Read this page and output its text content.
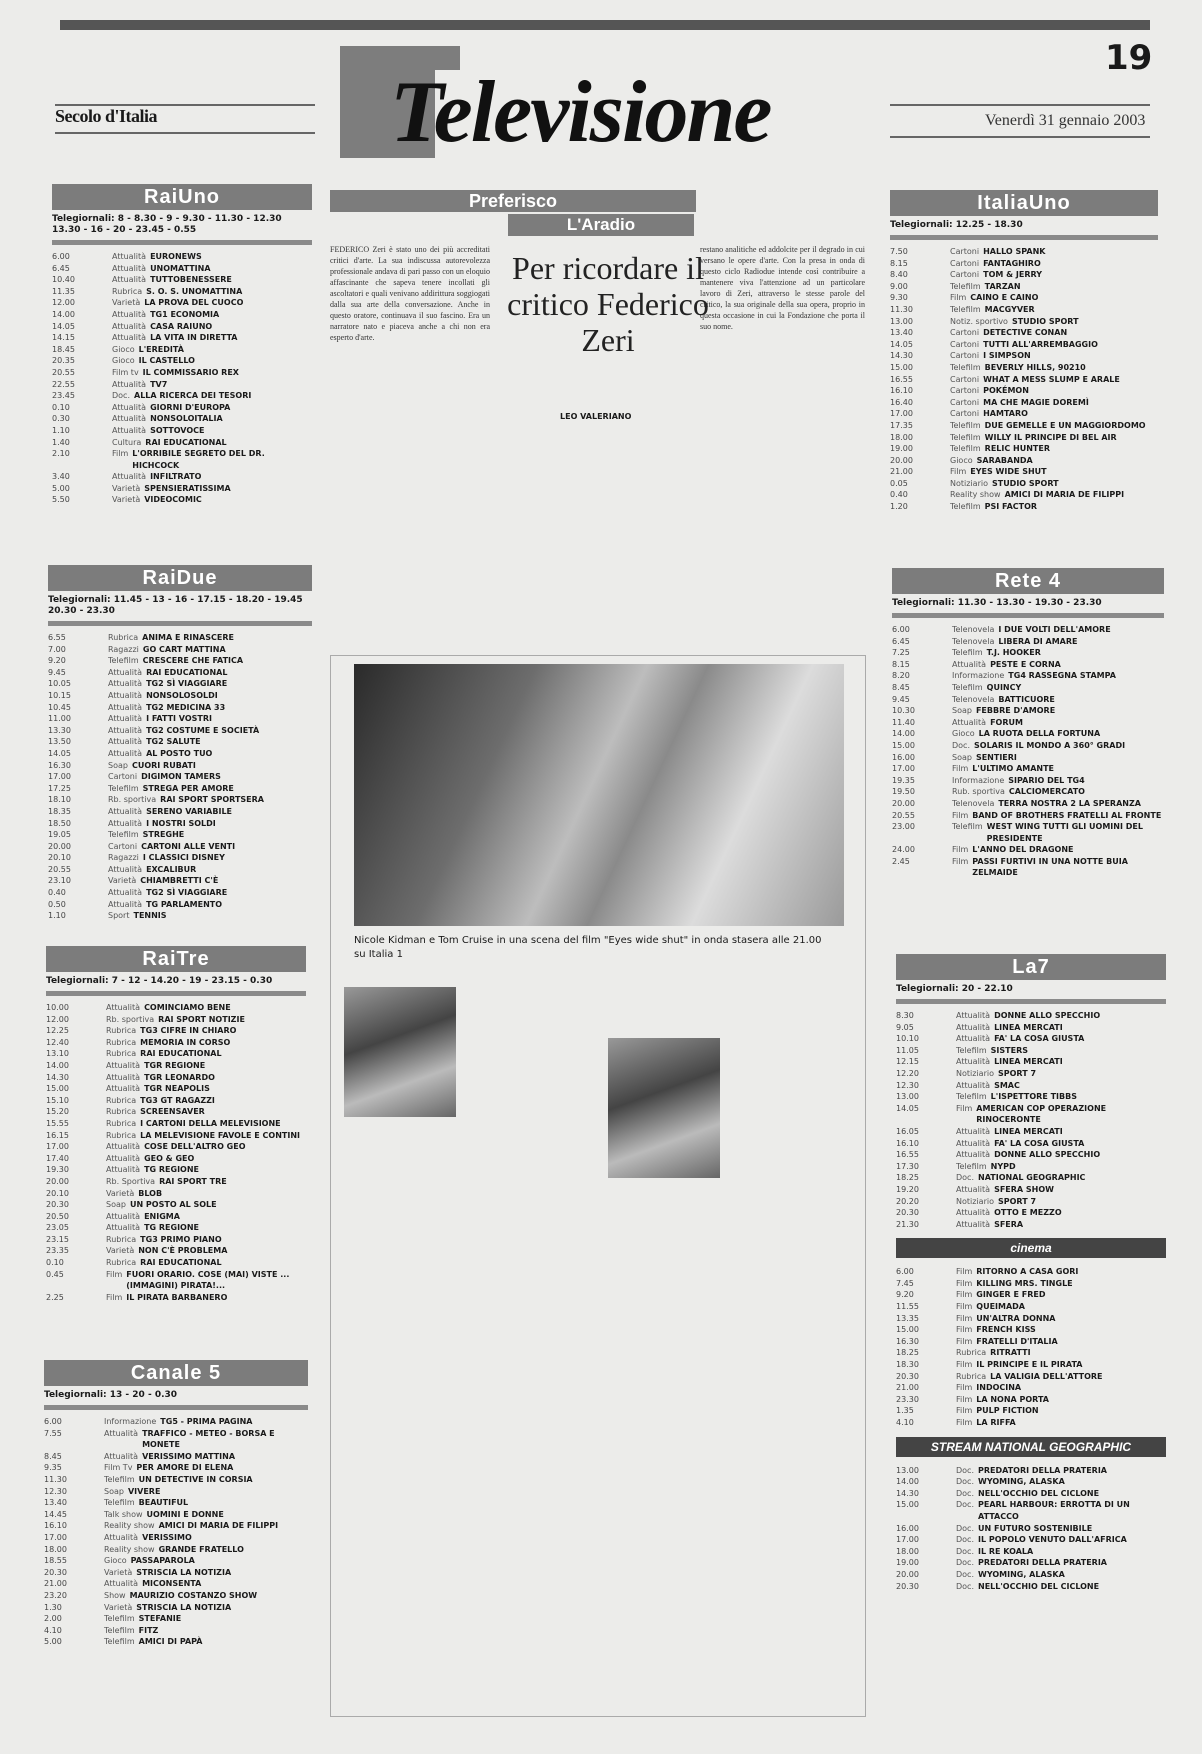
19
Secolo d'Italia	Venerdì 31 gennaio 2003
Televisione
RaiUno
Telegiornali: 8 - 8.30 - 9 - 9.30 - 11.30 - 12.30 13.30 - 16 - 20 - 23.45 - 0.55
6.00	Attualità EURONEWS
6.45	Attualità UNOMATTINA
10.40	Attualità TUTTOBENESSERE
11.35	Rubrica S. O. S. UNOMATTINA
12.00	Varietà LA PROVA DEL CUOCO
14.00	Attualità TG1 ECONOMIA
14.05	Attualità CASA RAIUNO
14.15	Attualità LA VITA IN DIRETTA
18.45	Gioco L'EREDITÀ
20.35	Gioco IL CASTELLO
20.55	Film tv IL COMMISSARIO REX
22.55	Attualità TV7
23.45	Doc. ALLA RICERCA DEI TESORI
0.10	Attualità GIORNI D'EUROPA
0.30	Attualità NONSOLOITALIA
1.10	Attualità SOTTOVOCE
1.40	Cultura RAI EDUCATIONAL
2.10	Film L'ORRIBILE SEGRETO DEL DR. HICHCOCK
3.40	Attualità INFILTRATO
5.00	Varietà SPENSIERATISSIMA
5.50	Varietà VIDEOCOMIC
RaiDue
Telegiornali: 11.45 - 13 - 16 - 17.15 - 18.20 - 19.45 20.30 - 23.30
6.55	Rubrica ANIMA E RINASCERE
7.00	Ragazzi GO CART MATTINA
9.20	Telefilm CRESCERE CHE FATICA
9.45	Attualità RAI EDUCATIONAL
10.05	Attualità TG2 SÌ VIAGGIARE
10.15	Attualità NONSOLOSOLDI
10.45	Attualità TG2 MEDICINA 33
11.00	Attualità I FATTI VOSTRI
13.30	Attualità TG2 COSTUME E SOCIETÀ
13.50	Attualità TG2 SALUTE
14.05	Attualità AL POSTO TUO
16.30	Soap CUORI RUBATI
17.00	Cartoni DIGIMON TAMERS
17.25	Telefilm STREGA PER AMORE
18.10	Rb. sportiva RAI SPORT SPORTSERA
18.35	Attualità SERENO VARIABILE
18.50	Attualità I NOSTRI SOLDI
19.05	Telefilm STREGHE
20.00	Cartoni CARTONI ALLE VENTI
20.10	Ragazzi I CLASSICI DISNEY
20.55	Attualità EXCALIBUR
23.10	Varietà CHIAMBRETTI C'È
0.40	Attualità TG2 SÌ VIAGGIARE
0.50	Attualità TG PARLAMENTO
1.10	Sport TENNIS
RaiTre
Telegiornali: 7 - 12 - 14.20 - 19 - 23.15 - 0.30
10.00	Attualità COMINCIAMO BENE
12.00	Rb. sportiva RAI SPORT NOTIZIE
12.25	Rubrica TG3 CIFRE IN CHIARO
12.40	Rubrica MEMORIA IN CORSO
13.10	Rubrica RAI EDUCATIONAL
14.00	Attualità TGR REGIONE
14.30	Attualità TGR LEONARDO
15.00	Attualità TGR NEAPOLIS
15.10	Rubrica TG3 GT RAGAZZI
15.20	Rubrica SCREENSAVER
15.55	Rubrica I CARTONI DELLA MELEVISIONE
16.15	Rubrica LA MELEVISIONE FAVOLE E CONTINI
17.00	Attualità COSE DELL'ALTRO GEO
17.40	Attualità GEO & GEO
19.30	Attualità TG REGIONE
20.00	Rb. Sportiva RAI SPORT TRE
20.10	Varietà BLOB
20.30	Soap UN POSTO AL SOLE
20.50	Attualità ENIGMA
23.05	Attualità TG REGIONE
23.15	Rubrica TG3 PRIMO PIANO
23.35	Varietà NON C'È PROBLEMA
0.10	Rubrica RAI EDUCATIONAL
0.45	Film FUORI ORARIO. COSE (MAI) VISTE ...(IMMAGINI) PIRATA!...
2.25	Film IL PIRATA BARBANERO
Canale 5
Telegiornali: 13 - 20 - 0.30
6.00	Informazione TG5 - PRIMA PAGINA
7.55	Attualità TRAFFICO - METEO - BORSA E MONETE
8.45	Attualità VERISSIMO MATTINA
9.35	Film Tv PER AMORE DI ELENA
11.30	Telefilm UN DETECTIVE IN CORSIA
12.30	Soap VIVERE
13.40	Telefilm BEAUTIFUL
14.45	Talk show UOMINI E DONNE
16.10	Reality show AMICI DI MARIA DE FILIPPI
17.00	Attualità VERISSIMO
18.00	Reality show GRANDE FRATELLO
18.55	Gioco PASSAPAROLA
20.30	Varietà STRISCIA LA NOTIZIA
21.00	Attualità MICONSENTA
23.20	Show MAURIZIO COSTANZO SHOW
1.30	Varietà STRISCIA LA NOTIZIA
2.00	Telefilm STEFANIE
4.10	Telefilm FITZ
5.00	Telefilm AMICI DI PAPÀ
ItaliaUno
Telegiornali: 12.25 - 18.30
7.50	Cartoni HALLO SPANK
8.15	Cartoni FANTAGHIRO
8.40	Cartoni TOM & JERRY
9.00	Telefilm TARZAN
9.30	Film CAINO E CAINO
11.30	Telefilm MACGYVER
13.00	Notiz. sportivo STUDIO SPORT
13.40	Cartoni DETECTIVE CONAN
14.05	Cartoni TUTTI ALL'ARREMBAGGIO
14.30	Cartoni I SIMPSON
15.00	Telefilm BEVERLY HILLS, 90210
16.55	Cartoni WHAT A MESS SLUMP E ARALE
16.10	Cartoni POKÉMON
16.40	Cartoni MA CHE MAGIE DOREMÌ
17.00	Cartoni HAMTARO
17.35	Telefilm DUE GEMELLE E UN MAGGIORDOMO
18.00	Telefilm WILLY IL PRINCIPE DI BEL AIR
19.00	Telefilm RELIC HUNTER
20.00	Gioco SARABANDA
21.00	Film EYES WIDE SHUT
0.05	Notiziario STUDIO SPORT
0.40	Reality show AMICI DI MARIA DE FILIPPI
1.20	Telefilm PSI FACTOR
Rete 4
Telegiornali: 11.30 - 13.30 - 19.30 - 23.30
6.00	Telenovela I DUE VOLTI DELL'AMORE
6.45	Telenovela LIBERA DI AMARE
7.25	Telefilm T.J. HOOKER
8.15	Attualità PESTE E CORNA
8.20	Informazione TG4 RASSEGNA STAMPA
8.45	Telefilm QUINCY
9.45	Telenovela BATTICUORE
10.30	Soap FEBBRE D'AMORE
11.40	Attualità FORUM
14.00	Gioco LA RUOTA DELLA FORTUNA
15.00	Doc. SOLARIS IL MONDO A 360° GRADI
16.00	Soap SENTIERI
17.00	Film L'ULTIMO AMANTE
19.35	Informazione SIPARIO DEL TG4
19.50	Rub. sportiva CALCIOMERCATO
20.00	Telenovela TERRA NOSTRA 2 LA SPERANZA
20.55	Film BAND OF BROTHERS FRATELLI AL FRONTE
23.00	Telefilm WEST WING TUTTI GLI UOMINI DEL PRESIDENTE
24.00	Film L'ANNO DEL DRAGONE
2.45	Film PASSI FURTIVI IN UNA NOTTE BUIA ZELMAIDE
La7
Telegiornali: 20 - 22.10
8.30	Attualità DONNE ALLO SPECCHIO
9.05	Attualità LINEA MERCATI
10.10	Attualità FA' LA COSA GIUSTA
11.05	Telefilm SISTERS
12.15	Attualità LINEA MERCATI
12.20	Notiziario SPORT 7
12.30	Attualità SMAC
13.00	Telefilm L'ISPETTORE TIBBS
14.05	Film AMERICAN COP OPERAZIONE RINOCERONTE
16.05	Attualità LINEA MERCATI
16.10	Attualità FA' LA COSA GIUSTA
16.55	Attualità DONNE ALLO SPECCHIO
17.30	Telefilm NYPD
18.25	Doc. NATIONAL GEOGRAPHIC
19.20	Attualità SFERA SHOW
20.20	Notiziario SPORT 7
20.30	Attualità OTTO E MEZZO
21.30	Attualità SFERA
cinema
6.00	Film RITORNO A CASA GORI
7.45	Film KILLING MRS. TINGLE
9.20	Film GINGER E FRED
11.55	Film QUEIMADA
13.35	Film UN'ALTRA DONNA
15.00	Film FRENCH KISS
16.30	Film FRATELLI D'ITALIA
18.25	Rubrica RITRATTI
18.30	Film IL PRINCIPE E IL PIRATA
20.30	Rubrica LA VALIGIA DELL'ATTORE
21.00	Film INDOCINA
23.30	Film LA NONA PORTA
1.35	Film PULP FICTION
4.10	Film LA RIFFA
STREAM NATIONAL GEOGRAPHIC
13.00	Doc. PREDATORI DELLA PRATERIA
14.00	Doc. WYOMING, ALASKA
14.30	Doc. NELL'OCCHIO DEL CICLONE
15.00	Doc. PEARL HARBOUR: ERROTTA DI UN ATTACCO
16.00	Doc. UN FUTURO SOSTENIBILE
17.00	Doc. IL POPOLO VENUTO DALL'AFRICA
18.00	Doc. IL RE KOALA
19.00	Doc. PREDATORI DELLA PRATERIA
20.00	Doc. WYOMING, ALASKA
20.30	Doc. NELL'OCCHIO DEL CICLONE
Preferisco
L'Aradio
FEDERICO Zeri è stato uno dei più accreditati critici d'arte. La sua indiscussa autorevolezza professionale andava di pari passo con un eloquio affascinante che sapeva tenere incollati gli ascoltatori e quali venivano addirittura soggiogati dalla sua arte della conversazione. Anche in questo oratore, continuava il suo fascino. Era un narratore nato e piaceva anche a chi non era esperto d'arte.
restano analitiche ed addolcite per il degrado in cui versano le opere d'arte. Con la presa in onda di questo ciclo Radiodue intende così contribuire a mantenere viva l'attenzione ad un particolare lavoro di Zeri, attraverso le stesse parole del critico, la sua originale della sua opera, proprio in questa occasione in cui la Fondazione che porta il suo nome.
Per ricordare il critico Federico Zeri
LEO VALERIANO
Nicole Kidman e Tom Cruise in una scena del film "Eyes wide shut" in onda stasera alle 21.00 su Italia 1
